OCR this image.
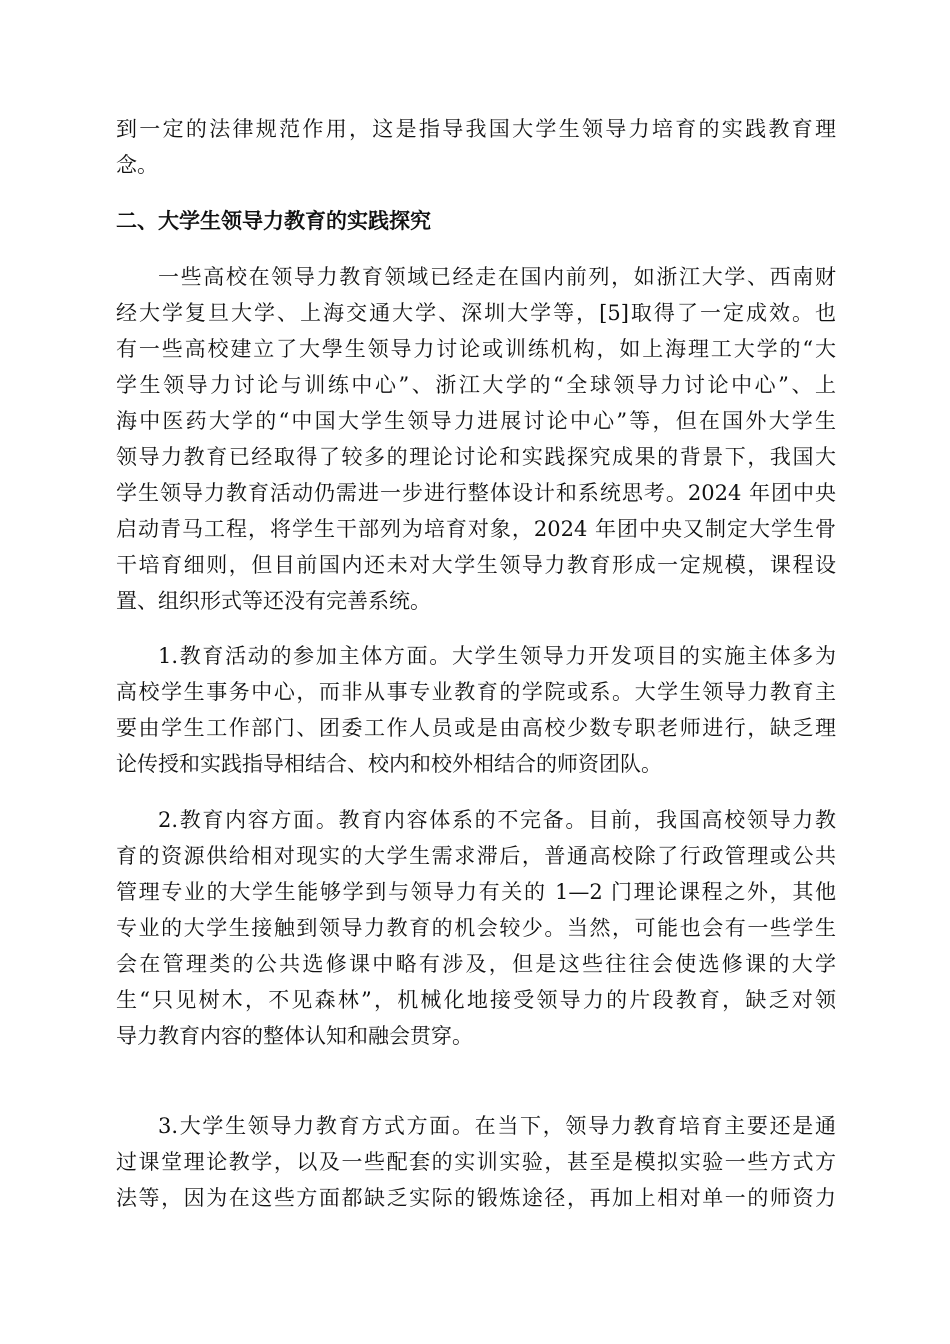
到一定的法律规范作用，这是指导我国大学生领导力培育的实践教育理
念。
二、大学生领导力教育的实践探究
一些高校在领导力教育领域已经走在国内前列，如浙江大学、西南财
经大学复旦大学、上海交通大学、深圳大学等，[5]取得了一定成效。也
有一些高校建立了大學生领导力讨论或训练机构，如上海理工大学的“大
学生领导力讨论与训练中心”、浙江大学的“全球领导力讨论中心”、上
海中医药大学的“中国大学生领导力进展讨论中心”等，但在国外大学生
领导力教育已经取得了较多的理论讨论和实践探究成果的背景下，我国大
学生领导力教育活动仍需进一步进行整体设计和系统思考。2024 年团中央
启动青马工程，将学生干部列为培育对象，2024 年团中央又制定大学生骨
干培育细则，但目前国内还未对大学生领导力教育形成一定规模，课程设
置、组织形式等还没有完善系统。
1.教育活动的参加主体方面。大学生领导力开发项目的实施主体多为
高校学生事务中心，而非从事专业教育的学院或系。大学生领导力教育主
要由学生工作部门、团委工作人员或是由高校少数专职老师进行，缺乏理
论传授和实践指导相结合、校内和校外相结合的师资团队。
2.教育内容方面。教育内容体系的不完备。目前，我国高校领导力教
育的资源供给相对现实的大学生需求滞后，普通高校除了行政管理或公共
管理专业的大学生能够学到与领导力有关的 1—2 门理论课程之外，其他
专业的大学生接触到领导力教育的机会较少。当然，可能也会有一些学生
会在管理类的公共选修课中略有涉及，但是这些往往会使选修课的大学
生“只见树木，不见森林”，机械化地接受领导力的片段教育，缺乏对领
导力教育内容的整体认知和融会贯穿。
3.大学生领导力教育方式方面。在当下，领导力教育培育主要还是通
过课堂理论教学，以及一些配套的实训实验，甚至是模拟实验一些方式方
法等，因为在这些方面都缺乏实际的锻炼途径，再加上相对单一的师资力
